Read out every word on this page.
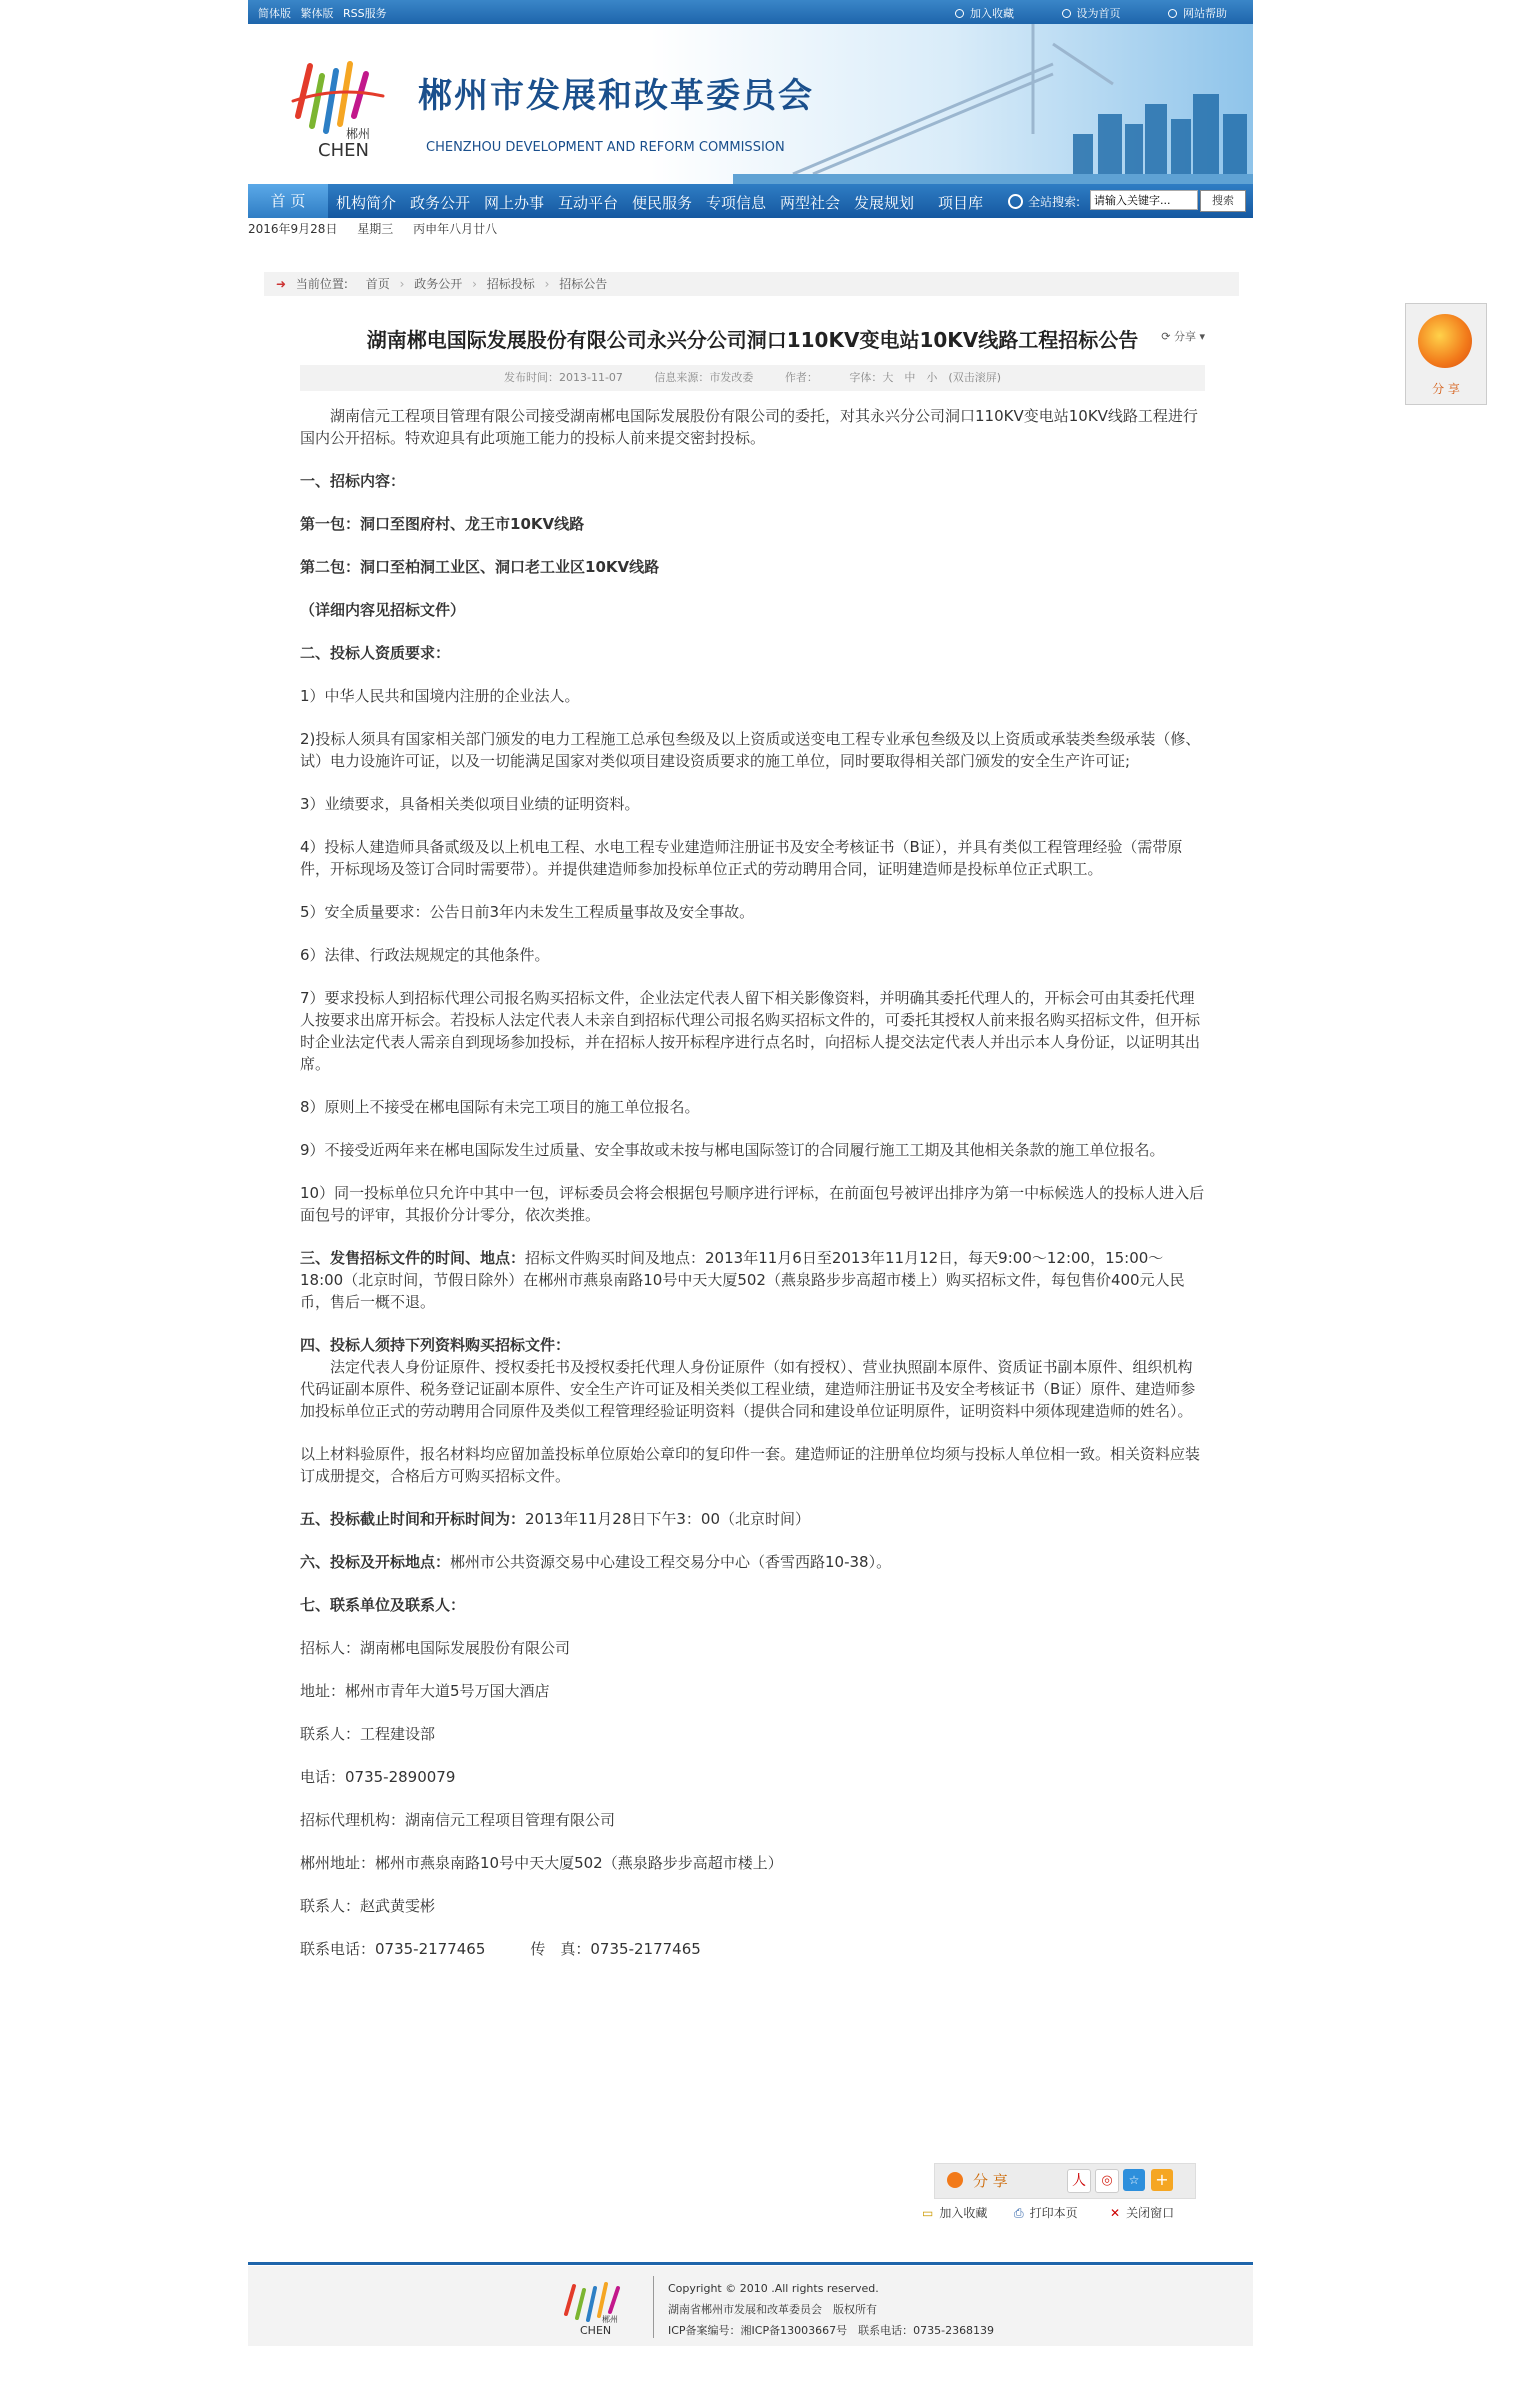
简体版 繁体版 RSS服务	加入收藏	设为首页	网站帮助
郴州
CHEN
郴州市发展和改革委员会
CHENZHOU DEVELOPMENT AND REFORM COMMISSION
首 页	机构简介 政务公开 网上办事 互动平台 便民服务 专项信息 两型社会 发展规划 项目库	全站搜索:
请输入关键字...	搜索
2016年9月28日 星期三 丙申年八月廿八
➜ 当前位置: 首页 › 政务公开 › 招标投标 › 招标公告
湖南郴电国际发展股份有限公司永兴分公司洞口110KV变电站10KV线路工程招标公告 ⟳ 分享 ▾
发布时间：2013-11-07	信息来源：市发改委	作者：	字体：大　中　小　(双击滚屏)

湖南信元工程项目管理有限公司接受湖南郴电国际发展股份有限公司的委托，对其永兴分公司洞口110KV变电站10KV线路工程进行国内公开招标。特欢迎具有此项施工能力的投标人前来提交密封投标。

一、招标内容：

第一包：洞口至图府村、龙王市10KV线路

第二包：洞口至柏洞工业区、洞口老工业区10KV线路

（详细内容见招标文件）

二、投标人资质要求：

1）中华人民共和国境内注册的企业法人。

2)投标人须具有国家相关部门颁发的电力工程施工总承包叁级及以上资质或送变电工程专业承包叁级及以上资质或承装类叁级承装（修、试）电力设施许可证，以及一切能满足国家对类似项目建设资质要求的施工单位，同时要取得相关部门颁发的安全生产许可证;

3）业绩要求，具备相关类似项目业绩的证明资料。

4）投标人建造师具备贰级及以上机电工程、水电工程专业建造师注册证书及安全考核证书（B证），并具有类似工程管理经验（需带原件，开标现场及签订合同时需要带）。并提供建造师参加投标单位正式的劳动聘用合同，证明建造师是投标单位正式职工。

5）安全质量要求：公告日前3年内未发生工程质量事故及安全事故。

6）法律、行政法规规定的其他条件。

7）要求投标人到招标代理公司报名购买招标文件，企业法定代表人留下相关影像资料，并明确其委托代理人的，开标会可由其委托代理人按要求出席开标会。若投标人法定代表人未亲自到招标代理公司报名购买招标文件的，可委托其授权人前来报名购买招标文件，但开标时企业法定代表人需亲自到现场参加投标，并在招标人按开标程序进行点名时，向招标人提交法定代表人并出示本人身份证，以证明其出席。

8）原则上不接受在郴电国际有未完工项目的施工单位报名。

9）不接受近两年来在郴电国际发生过质量、安全事故或未按与郴电国际签订的合同履行施工工期及其他相关条款的施工单位报名。

10）同一投标单位只允许中其中一包，评标委员会将会根据包号顺序进行评标，在前面包号被评出排序为第一中标候选人的投标人进入后面包号的评审，其报价分计零分，依次类推。

三、发售招标文件的时间、地点：招标文件购买时间及地点：2013年11月6日至2013年11月12日，每天9:00～12:00，15:00～18:00（北京时间，节假日除外）在郴州市燕泉南路10号中天大厦502（燕泉路步步高超市楼上）购买招标文件，每包售价400元人民币，售后一概不退。

四、投标人须持下列资料购买招标文件：
法定代表人身份证原件、授权委托书及授权委托代理人身份证原件（如有授权）、营业执照副本原件、资质证书副本原件、组织机构代码证副本原件、税务登记证副本原件、安全生产许可证及相关类似工程业绩，建造师注册证书及安全考核证书（B证）原件、建造师参加投标单位正式的劳动聘用合同原件及类似工程管理经验证明资料（提供合同和建设单位证明原件，证明资料中须体现建造师的姓名）。

以上材料验原件，报名材料均应留加盖投标单位原始公章印的复印件一套。建造师证的注册单位均须与投标人单位相一致。相关资料应装订成册提交，合格后方可购买招标文件。

五、投标截止时间和开标时间为：2013年11月28日下午3：00（北京时间）

六、投标及开标地点：郴州市公共资源交易中心建设工程交易分中心（香雪西路10-38）。

七、联系单位及联系人：

招标人：湖南郴电国际发展股份有限公司

地址：郴州市青年大道5号万国大酒店

联系人：工程建设部

电话：0735-2890079

招标代理机构：湖南信元工程项目管理有限公司

郴州地址：郴州市燕泉南路10号中天大厦502（燕泉路步步高超市楼上）

联系人：赵武黄雯彬

联系电话：0735-2177465　　　传　真：0735-2177465

分 享	人	◎	☆ +
▭ 加入收藏	⎙ 打印本页	✕ 关闭窗口
郴州
CHEN
Copyright © 2010 .All rights reserved.
湖南省郴州市发展和改革委员会　版权所有
ICP备案编号：湘ICP备13003667号　联系电话：0735-2368139
分 享
